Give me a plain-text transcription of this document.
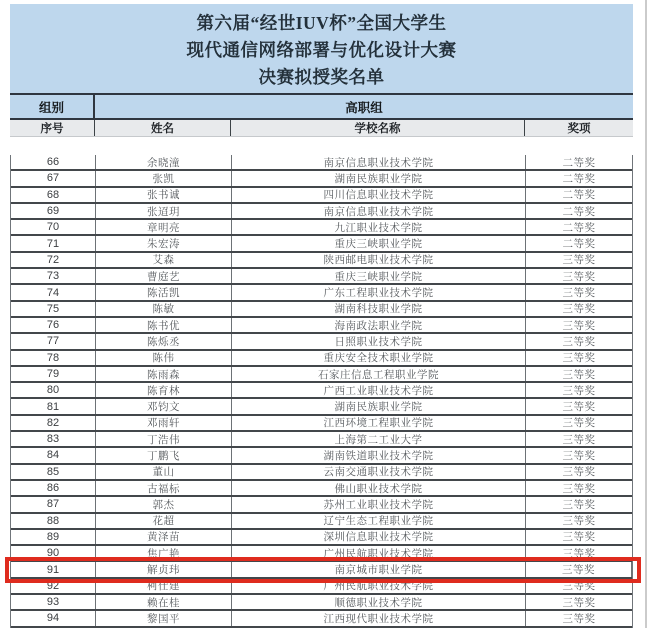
第六届“经世IUV杯”全国大学生
现代通信网络部署与优化设计大赛
决赛拟授奖名单
组别	高职组
序号	姓名	学校名称	奖项
66	余晓潼	南京信息职业技术学院	二等奖
67	张凯	湖南民族职业学院	二等奖
68	张书诚	四川信息职业技术学院	二等奖
69	张迢玥	南京信息职业技术学院	二等奖
70	章明亮	九江职业技术学院	二等奖
71	朱宏涛	重庆三峡职业学院	二等奖
72	艾森	陕西邮电职业技术学院	三等奖
73	曹庭艺	重庆三峡职业学院	三等奖
74	陈活凯	广东工程职业技术学院	三等奖
75	陈敏	湖南科技职业学院	三等奖
76	陈书优	海南政法职业学院	三等奖
77	陈烁丞	日照职业技术学院	三等奖
78	陈伟	重庆安全技术职业学院	三等奖
79	陈雨森	石家庄信息工程职业学院	三等奖
80	陈育林	广西工业职业技术学院	三等奖
81	邓钧文	湖南民族职业学院	三等奖
82	邓雨轩	江西环境工程职业学院	三等奖
83	丁浩伟	上海第二工业大学	三等奖
84	丁鹏飞	湖南铁道职业技术学院	三等奖
85	董山	云南交通职业技术学院	三等奖
86	古福标	佛山职业技术学院	三等奖
87	郭杰	苏州工业职业技术学院	三等奖
88	花超	辽宁生态工程职业学院	三等奖
89	黄泽苗	深圳信息职业技术学院	三等奖
90	焦广艳	广州民航职业技术学院	三等奖
91	解贞玮	南京城市职业学院	三等奖
92	柯仕建	广州民航职业技术学院	三等奖
93	赖在桂	顺德职业技术学院	三等奖
94	黎国平	江西现代职业技术学院	三等奖
